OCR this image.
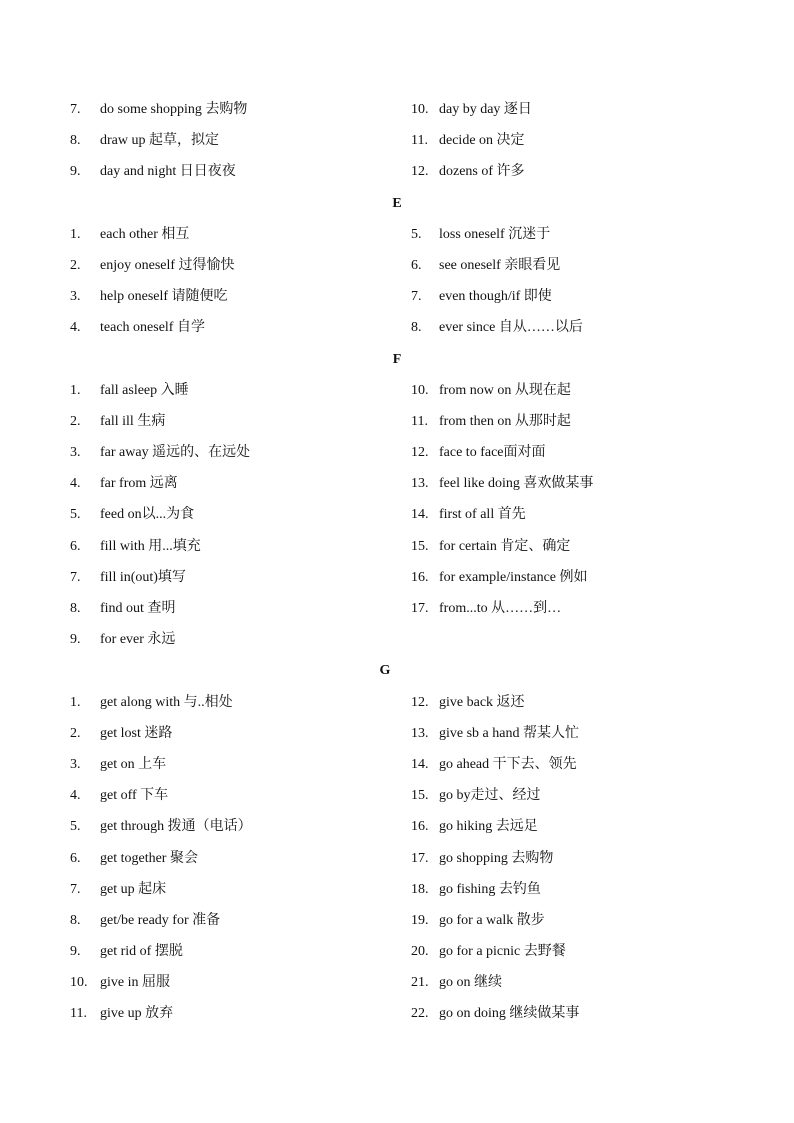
7. do some shopping 去购物	10. day by day 逐日
8. draw up 起草，拟定	11. decide on 决定
9. day and night 日日夜夜	12. dozens of 许多
E
1. each other 相互	5. loss oneself 沉迷于
2. enjoy oneself 过得愉快	6. see oneself 亲眼看见
3. help oneself 请随便吃	7. even though/if 即使
4. teach oneself 自学	8. ever since 自从……以后
F
1. fall asleep 入睡	10. from now on 从现在起
2. fall ill 生病	11. from then on 从那时起
3. far away 遥远的、在远处	12. face to face面对面
4. far from 远离	13. feel like doing 喜欢做某事
5. feed on以...为食	14. first of all 首先
6. fill with 用...填充	15. for certain 肯定、确定
7. fill in(out)填写	16. for example/instance 例如
8. find out 查明	17. from...to 从……到…
9. for ever 永远
G
1. get along with 与..相处	12. give back 返还
2. get lost 迷路	13. give sb a hand 帮某人忙
3. get on 上车	14. go ahead 干下去、领先
4. get off 下车	15. go by走过、经过
5. get through 拨通（电话）	16. go hiking 去远足
6. get together 聚会	17. go shopping 去购物
7. get up 起床	18. go fishing 去钓鱼
8. get/be ready for 准备	19. go for a walk 散步
9. get rid of 摆脱	20. go for a picnic 去野餐
10. give in 屈服	21. go on 继续
11. give up 放弃	22. go on doing 继续做某事
